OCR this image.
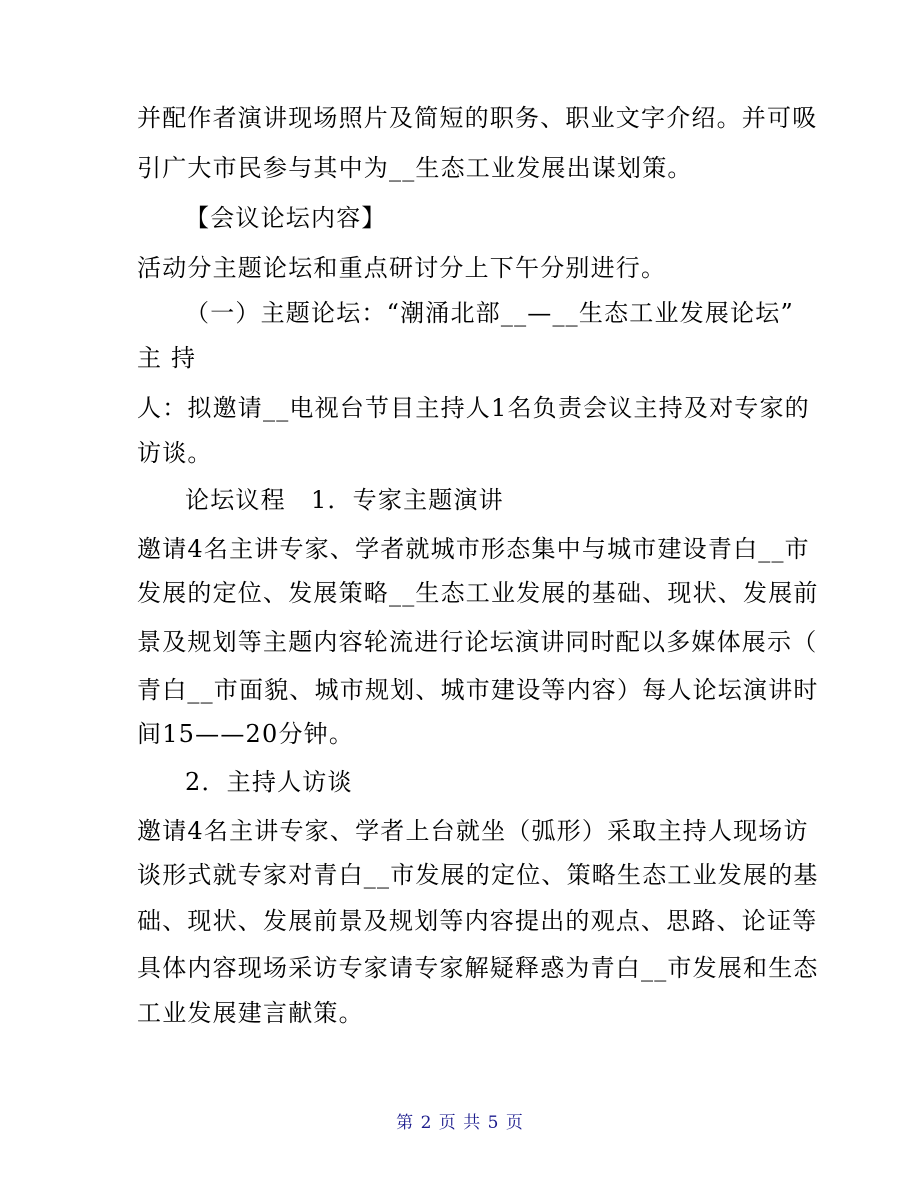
并配作者演讲现场照片及简短的职务、职业文字介绍。并可吸
引广大市民参与其中为__生态工业发展出谋划策。
【会议论坛内容】
活动分主题论坛和重点研讨分上下午分别进行。
（一）主题论坛：“潮涌北部__—__生态工业发展论坛”
主 持
人：拟邀请__电视台节目主持人1名负责会议主持及对专家的
访谈。
论坛议程　1．专家主题演讲
邀请4名主讲专家、学者就城市形态集中与城市建设青白__市
发展的定位、发展策略__生态工业发展的基础、现状、发展前
景及规划等主题内容轮流进行论坛演讲同时配以多媒体展示（
青白__市面貌、城市规划、城市建设等内容）每人论坛演讲时
间15——20分钟。
2．主持人访谈
邀请4名主讲专家、学者上台就坐（弧形）采取主持人现场访
谈形式就专家对青白__市发展的定位、策略生态工业发展的基
础、现状、发展前景及规划等内容提出的观点、思路、论证等
具体内容现场采访专家请专家解疑释惑为青白__市发展和生态
工业发展建言献策。
第 2 页 共 5 页
